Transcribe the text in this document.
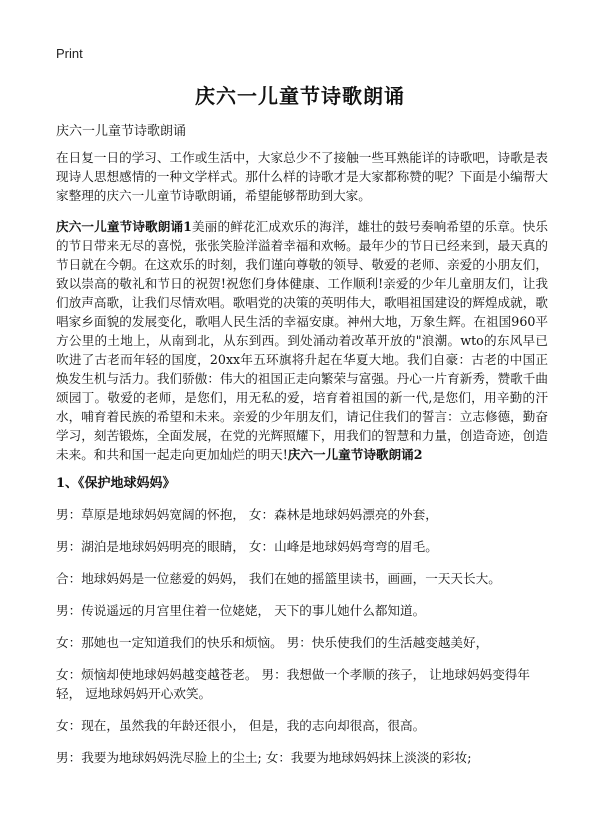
Print
庆六一儿童节诗歌朗诵

庆六一儿童节诗歌朗诵

在日复一日的学习、工作或生活中，大家总少不了接触一些耳熟能详的诗歌吧，诗歌是表现诗人思想感情的一种文学样式。那什么样的诗歌才是大家都称赞的呢？下面是小编帮大家整理的庆六一儿童节诗歌朗诵，希望能够帮助到大家。

庆六一儿童节诗歌朗诵1美丽的鲜花汇成欢乐的海洋，雄壮的鼓号奏响希望的乐章。快乐的节日带来无尽的喜悦，张张笑脸洋溢着幸福和欢畅。最年少的节日已经来到，最天真的节日就在今朝。在这欢乐的时刻，我们谨向尊敬的领导、敬爱的老师、亲爱的小朋友们，致以崇高的敬礼和节日的祝贺!祝您们身体健康、工作顺利!亲爱的少年儿童朋友们，让我们放声高歌，让我们尽情欢唱。歌唱党的决策的英明伟大，歌唱祖国建设的辉煌成就，歌唱家乡面貌的发展变化，歌唱人民生活的幸福安康。神州大地，万象生辉。在祖国960平方公里的土地上，从南到北，从东到西。到处涌动着改革开放的"浪潮。wto的东风早已吹进了古老而年轻的国度，20xx年五环旗将升起在华夏大地。我们自豪：古老的中国正焕发生机与活力。我们骄傲：伟大的祖国正走向繁荣与富强。丹心一片育新秀，赞歌千曲颂园丁。敬爱的老师，是您们，用无私的爱，培育着祖国的新一代,是您们，用辛勤的汗水，哺育着民族的希望和未来。亲爱的少年朋友们，请记住我们的誓言：立志修德，勤奋学习，刻苦锻炼，全面发展，在党的光辉照耀下，用我们的智慧和力量，创造奇迹，创造未来。和共和国一起走向更加灿烂的明天!庆六一儿童节诗歌朗诵2

1、《保护地球妈妈》
男：草原是地球妈妈宽阔的怀抱， 女：森林是地球妈妈漂亮的外套，
男：湖泊是地球妈妈明亮的眼睛， 女：山峰是地球妈妈弯弯的眉毛。
合：地球妈妈是一位慈爱的妈妈， 我们在她的摇篮里读书，画画，一天天长大。
男：传说遥远的月宫里住着一位姥姥， 天下的事儿她什么都知道。
女：那她也一定知道我们的快乐和烦恼。 男：快乐使我们的生活越变越美好，
女：烦恼却使地球妈妈越变越苍老。 男：我想做一个孝顺的孩子， 让地球妈妈变得年轻， 逗地球妈妈开心欢笑。
女：现在，虽然我的年龄还很小， 但是，我的志向却很高，很高。
男：我要为地球妈妈洗尽脸上的尘土; 女：我要为地球妈妈抹上淡淡的彩妆;
